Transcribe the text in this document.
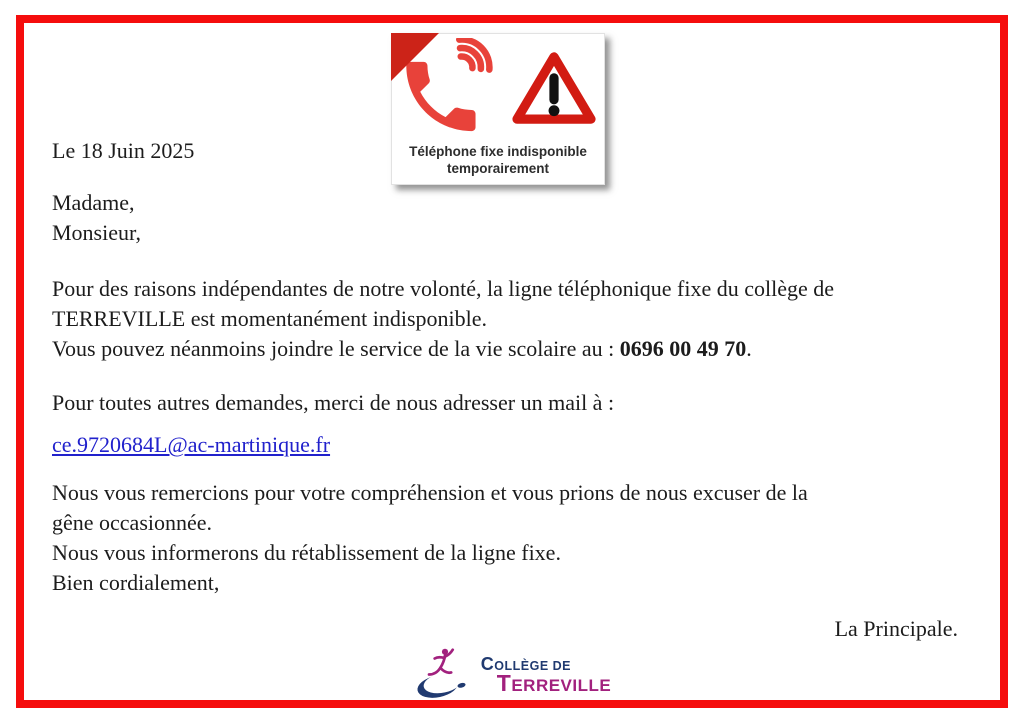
Téléphone fixe indisponible
temporairement
Le 18 Juin 2025
Madame,
Monsieur,
Pour des raisons indépendantes de notre volonté, la ligne téléphonique fixe du collège de
TERREVILLE est momentanément indisponible.
Vous pouvez néanmoins joindre le service de la vie scolaire au : 0696 00 49 70.
Pour toutes autres demandes, merci de nous adresser un mail à :
ce.9720684L@ac-martinique.fr
Nous vous remercions pour votre compréhension et vous prions de nous excuser de la
gêne occasionnée.
Nous vous informerons du rétablissement de la ligne fixe.
Bien cordialement,
La Principale.
COLLÈGE DE
TERREVILLE
